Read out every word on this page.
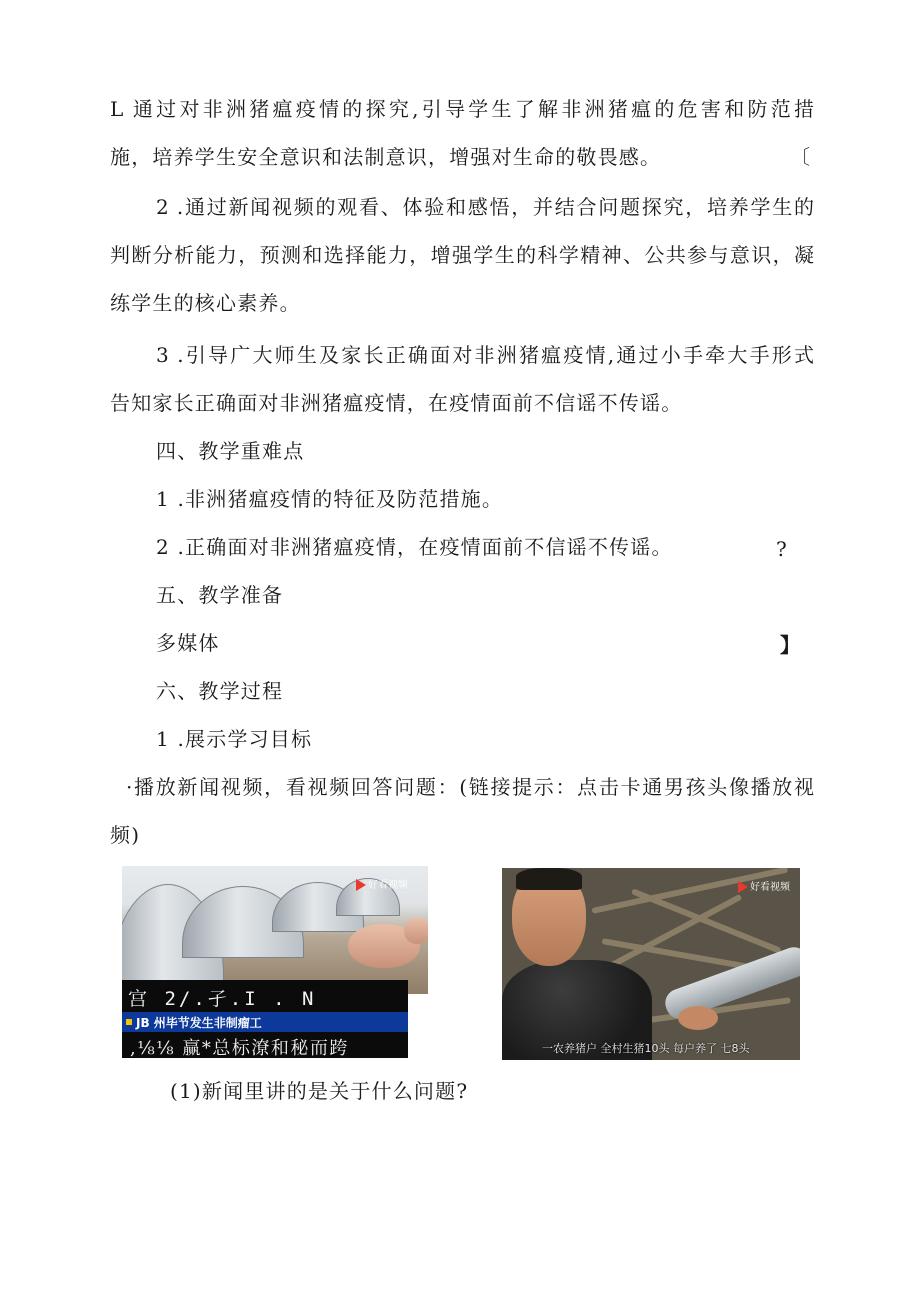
L 通过对非洲猪瘟疫情的探究,引导学生了解非洲猪瘟的危害和防范措
施，培养学生安全意识和法制意识，增强对生命的敬畏感。	〔
2 .通过新闻视频的观看、体验和感悟，并结合问题探究，培养学生的
判断分析能力，预测和选择能力，增强学生的科学精神、公共参与意识，凝
练学生的核心素养。
3 .引导广大师生及家长正确面对非洲猪瘟疫情,通过小手牵大手形式
告知家长正确面对非洲猪瘟疫情，在疫情面前不信谣不传谣。
四、教学重难点
1 .非洲猪瘟疫情的特征及防范措施。
2 .正确面对非洲猪瘟疫情，在疫情面前不信谣不传谣。	?
五、教学准备
多媒体	】
六、教学过程
1 .展示学习目标
·播放新闻视频，看视频回答问题：(链接提示：点击卡通男孩头像播放视
频)
好看视频
宫 2/.孑.I . N
JB 州毕节发生非制瘤工
,⅛⅛ 赢*总标潦和秘而跨
好看视频
一农养猪户 全村生猪10头 每户养了 七8头
(1)新闻里讲的是关于什么问题?
